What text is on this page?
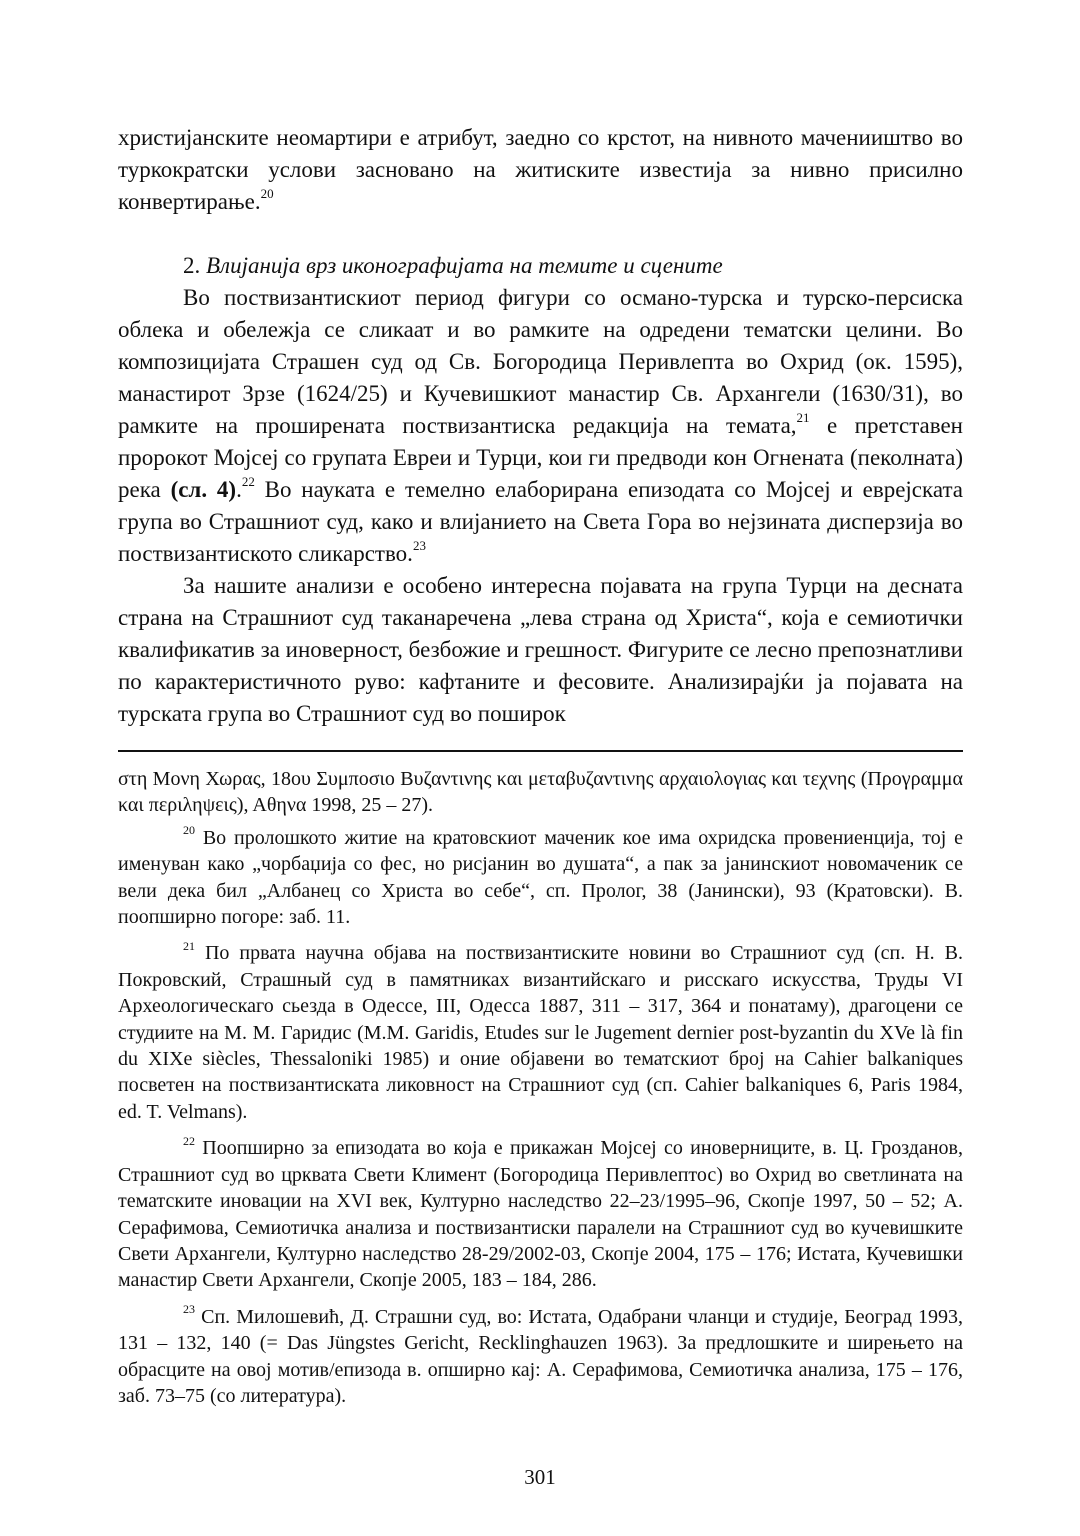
христијанските неомартири е атрибут, заедно со крстот, на нивното маченииштво во туркократски услови засновано на житиските известија за нивно присилно конвертирање.$^{20}$

2. Влијанија врз иконографијата на темите и сцените

Во поствизантискиот период фигури со османо-турска и турско-персиска облека и обележја се сликаат и во рамките на одредени тематски целини. Во композицијата Страшен суд од Св. Богородица Перивлепта во Охрид (ок. 1595), манастирот Зрзе (1624/25) и Кучевишкиот манастир Св. Архангели (1630/31), во рамките на проширената поствизантиска редакција на темата,$^{21}$ е претставен пророкот Мојсеј со групата Евреи и Турци, кои ги предводи кон Огнената (пеколната) река (сл. 4).$^{22}$ Во науката е темелно елаборирана епизодата со Мојсеј и еврејската група во Страшниот суд, како и влијанието на Света Гора во нејзината дисперзија во поствизантиското сликарство.$^{23}$

За нашите анализи е особено интересна појавата на група Турци на десната страна на Страшниот суд таканаречена „лева страна од Христа“, која е семиотички квалификатив за иноверност, безбожие и грешност. Фигурите се лесно препознатливи по карактеристичното руво: кафтаните и фесовите. Анализирајќи ја појавата на турската група во Страшниот суд во поширок

στη Μονη Χωρας, 18ου Συμποσιο Βυζαντινης και μεταβυζαντινης αρχαιολογιας και τεχνης (Προγραμμα και περιληψεις), Αθηνα 1998, 25 – 27).

$^{20}$ Во пролошкото житие на кратовскиот маченик кое има охридска провениенција, тој е именуван како „чорбаџија со фес, но рисјанин во душата“, а пак за јанинскиот новомаченик се вели дека бил „Албанец со Христа во себе“, сп. Пролог, 38 (Јанински), 93 (Кратовски). В. поопширно погоре: заб. 11.

$^{21}$ По првата научна објава на поствизантиските новини во Страшниот суд (сп. Н. В. Покровский, Страшный суд в памятниках византийскаго и рисскаго искусства, Труды VI Археологическаго сьезда в Одессе, III, Одесса 1887, 311 – 317, 364 и понатаму), драгоцени се студиите на М. М. Гаридис (M.M. Garidis, Etudes sur le Jugement dernier post-byzantin du XVe là fin du XIXe siècles, Thessaloniki 1985) и оние објавени во тематскиот број на Cahier balkaniques посветен на поствизантиската ликовност на Страшниот суд (сп. Cahier balkaniques 6, Paris 1984, ed. T. Velmans).

$^{22}$ Поопширно за епизодата во која е прикажан Мојсеј со иноверниците, в. Ц. Грозданов, Страшниот суд во црквата Свети Климент (Богородица Перивлептос) во Охрид во светлината на тематските иновации на XVI век, Културно наследство 22–23/1995–96, Скопје 1997, 50 – 52; А. Серафимова, Семиотичка анализа и поствизантиски паралели на Страшниот суд во кучевишките Свети Архангели, Културно наследство 28-29/2002-03, Скопје 2004, 175 – 176; Истата, Кучевишки манастир Свети Архангели, Скопје 2005, 183 – 184, 286.

$^{23}$ Сп. Милошевић, Д. Страшни суд, во: Истата, Одабрани чланци и студије, Београд 1993, 131 – 132, 140 (= Das Jüngstes Gericht, Recklinghauzen 1963). За предлошките и ширењето на обрасците на овој мотив/епизода в. опширно кај: А. Серафимова, Семиотичка анализа, 175 – 176, заб. 73–75 (со литература).

301
